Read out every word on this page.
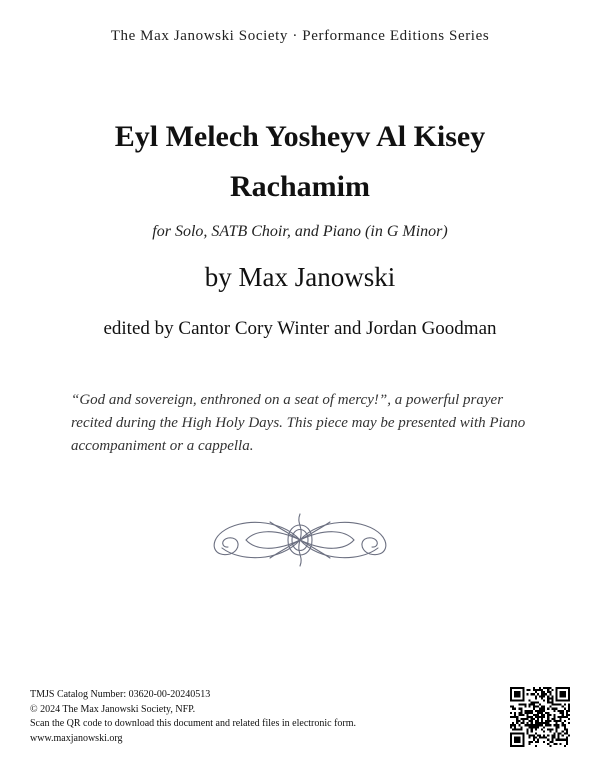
The Max Janowski Society · Performance Editions Series
Eyl Melech Yosheyv Al Kisey
Rachamim
for Solo, SATB Choir, and Piano (in G Minor)
by Max Janowski
edited by Cantor Cory Winter and Jordan Goodman
“God and sovereign, enthroned on a seat of mercy!”, a powerful prayer recited during the High Holy Days. This piece may be presented with Piano accompaniment or a cappella.
TMJS Catalog Number: 03620-00-20240513
© 2024 The Max Janowski Society, NFP.
Scan the QR code to download this document and related files in electronic form.
www.maxjanowski.org
